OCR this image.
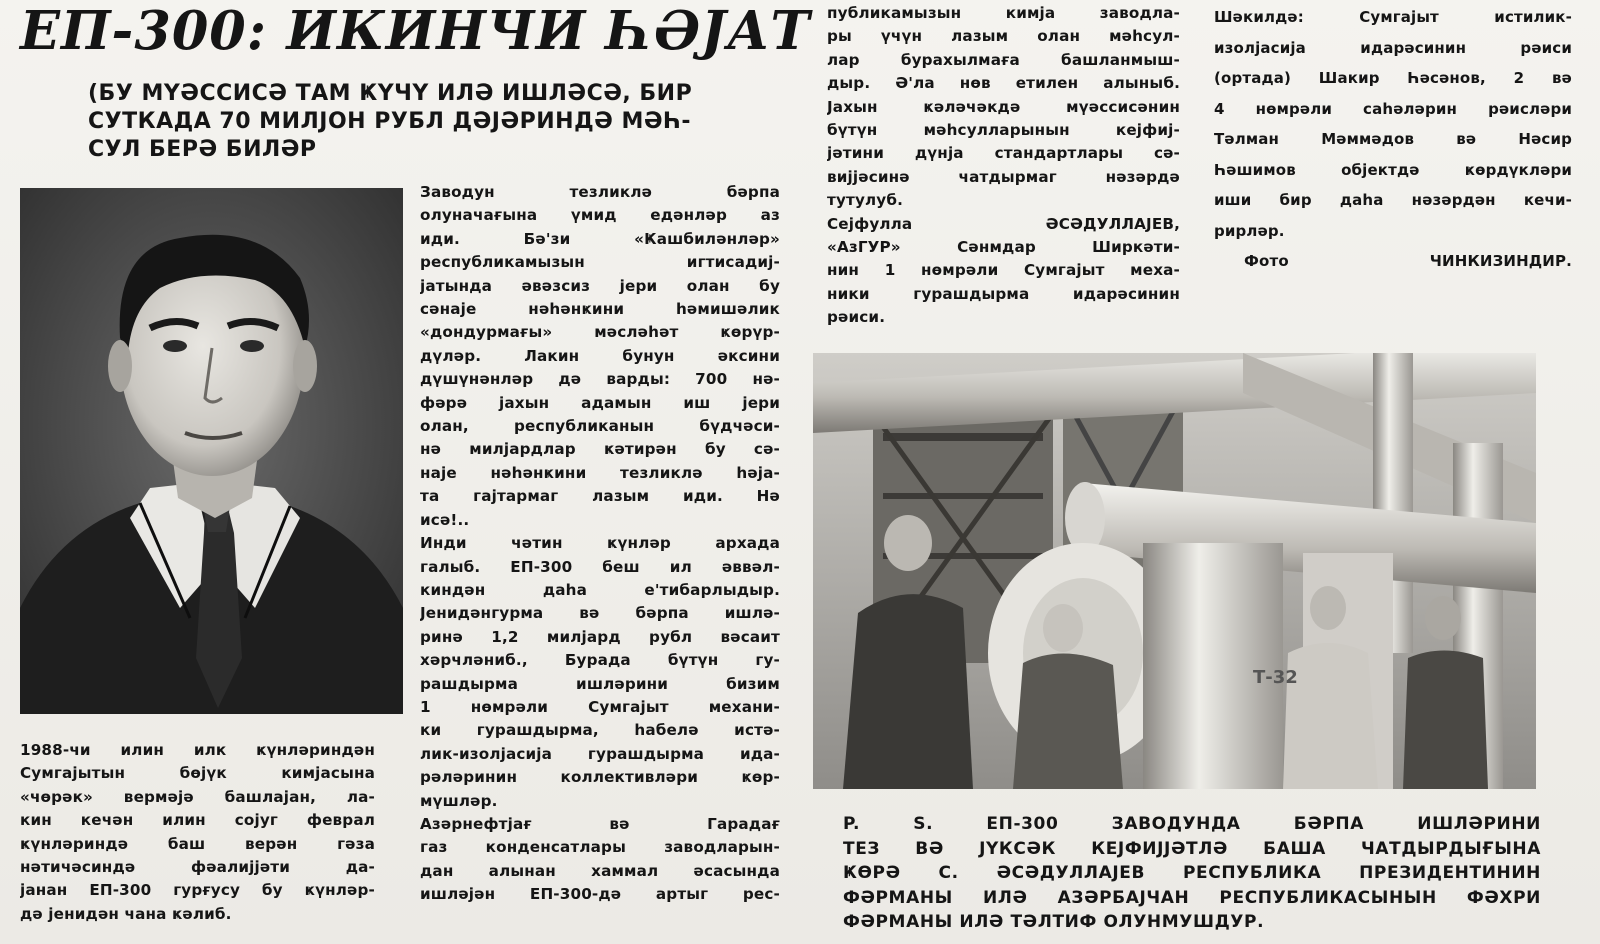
ЕП-300: ИКИНЧИ ҺӘЈАТ
(БУ МҮӘССИСӘ ТАМ ҜҮЧҮ ИЛӘ ИШЛӘСӘ, БИР
СУТКАДА 70 МИЛЈОН РУБЛ ДӘЈӘРИНДӘ МӘҺ-
СУЛ БЕРӘ БИЛӘР
1988-чи илин илк ҝүнләриндән
Сумгајытын бөјүк кимјасына
«чөрәк» вермәјә башлајан, ла-
кин кечән илин сојуг феврал
ҝүнләриндә баш верән гәза
нәтичәсиндә фәалијјәти да-
јанан ЕП-300 гурғусу бу ҝүнләр-
дә јенидән чана ҝәлиб.
Заводун тезликлә бәрпа
олуначағына үмид едәнләр аз
иди. Бә'зи «Ҝашбиләнләр»
республикамызын игтисадиј-
јатында әвәзсиз јери олан бу
сәнаје нәһәнҝини һәмишәлик
«дондурмағы» мәсләһәт ҝөрүр-
дүләр. Лакин бунун әксини
дүшүнәнләр дә варды: 700 нә-
фәрә јахын адамын иш јери
олан, республиканын бүдчәси-
нә милјардлар ҝәтирән бу сә-
наје нәһәнҝини тезликлә һәја-
та гајтармаг лазым иди. Нә
исә!..
Инди чәтин ҝүнләр архада
галыб. ЕП-300 беш ил әввәл-
киндән даһа е'тибарлыдыр.
Јенидәнгурма вә бәрпа ишлә-
ринә 1,2 милјард рубл вәсаит
хәрчләниб., Бурада бүтүн гу-
рашдырма ишләрини бизим
1 нөмрәли Сумгајыт механи-
ки гурашдырма, һабелә истә-
лик-изолјасија гурашдырма ида-
рәләринин коллективләри ҝөр-
мүшләр.
Азәрнефтјағ вә Гарадағ
газ конденсатлары заводларын-
дан алынан хаммал әсасында
ишләјән ЕП-300-дә артыг рес-
публикамызын кимја заводла-
ры үчүн лазым олан мәһсул-
лар бурахылмаға башланмыш-
дыр. Ә'ла нөв етилен алыныб.
Јахын ҝәләчәкдә мүәссисәнин
бүтүн мәһсулларынын кејфиј-
јәтини дүнја стандартлары сә-
вијјәсинә чатдырмаг нәзәрдә
тутулуб.
Сејфулла ӘСӘДУЛЛАЈЕВ,
«АзГУР» Сәнмдар Ширкәти-
нин 1 нөмрәли Сумгајыт меха-
ники гурашдырма идарәсинин
рәиси.
Шәкилдә: Сумгајыт истилик-
изолјасија идарәсинин рәиси
(ортада) Шакир Һәсәнов, 2 вә
4 нөмрәли саһәләрин рәисләри
Тәлман Мәммәдов вә Нәсир
Һәшимов објектдә ҝөрдүкләри
иши бир даһа нәзәрдән кечи-
рирләр.
Фото ЧИНКИЗИНДИР.
Т-32
P. S. ЕП-300 ЗАВОДУНДА БӘРПА ИШЛӘРИНИ
ТЕЗ ВӘ ЈҮКСӘК КЕЈФИЈЈӘТЛӘ БАША ЧАТДЫРДЫҒЫНА
ҜӨРӘ С. ӘСӘДУЛЛАЈЕВ РЕСПУБЛИКА ПРЕЗИДЕНТИНИН
ФӘРМАНЫ ИЛӘ АЗӘРБАЈЧАН РЕСПУБЛИКАСЫНЫН ФӘХРИ
ФӘРМАНЫ ИЛӘ ТӘЛТИФ ОЛУНМУШДУР.
